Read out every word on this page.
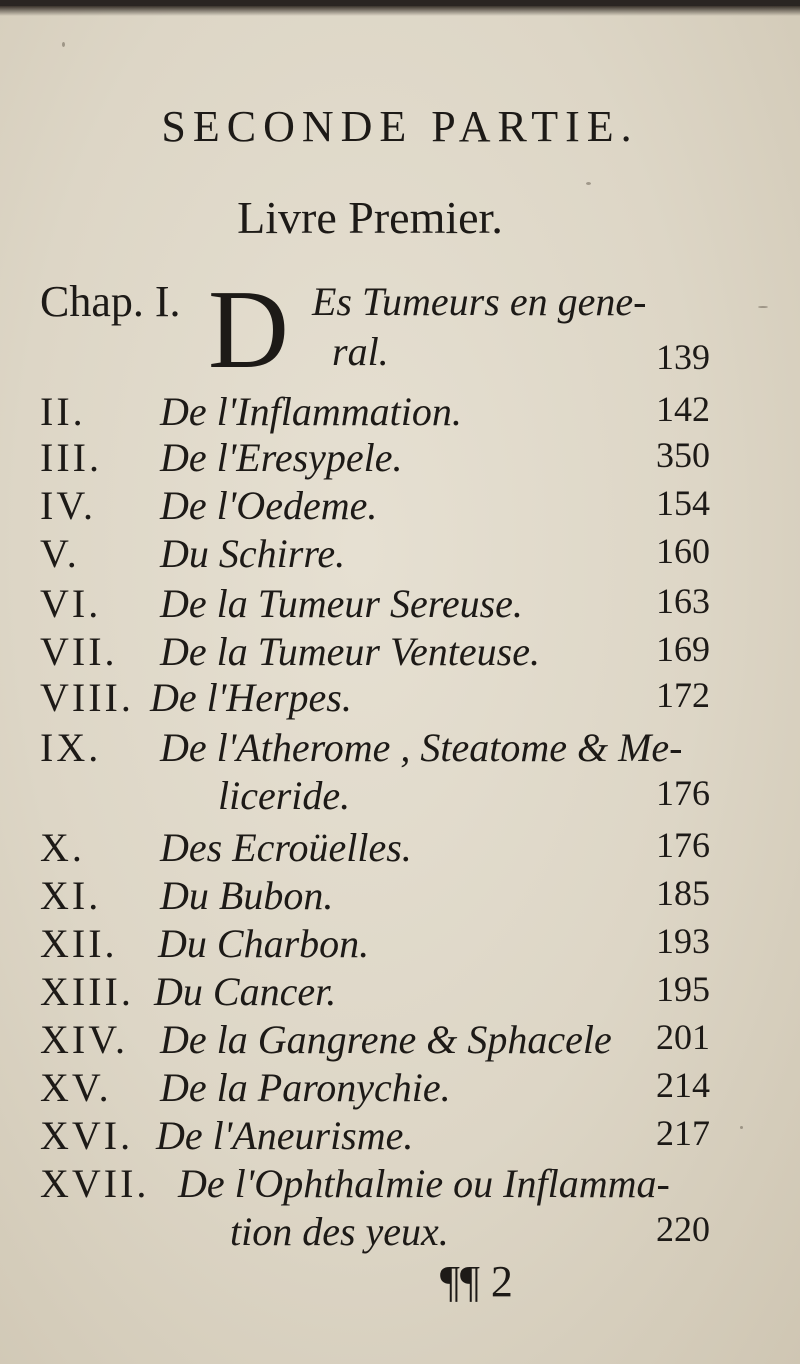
SECONDE PARTIE.
Livre Premier.
Chap. I. D Es Tumeurs en gene-
ral.	139
II. De l'Inflammation.	142
III. De l'Eresypele.	350
IV. De l'Oedeme.	154
V. Du Schirre.	160
VI. De la Tumeur Sereuse.	163
VII. De la Tumeur Venteuse.	169
VIII. De l'Herpes.	172
IX. De l'Atherome , Steatome & Me-
liceride.	176
X. Des Ecroüelles.	176
XI. Du Bubon.	185
XII. Du Charbon.	193
XIII. Du Cancer.	195
XIV. De la Gangrene & Sphacele 201
XV. De la Paronychie.	214
XVI. De l'Aneurisme.	217
XVII. De l'Ophthalmie ou Inflamma-
tion des yeux.	220
¶¶ 2
